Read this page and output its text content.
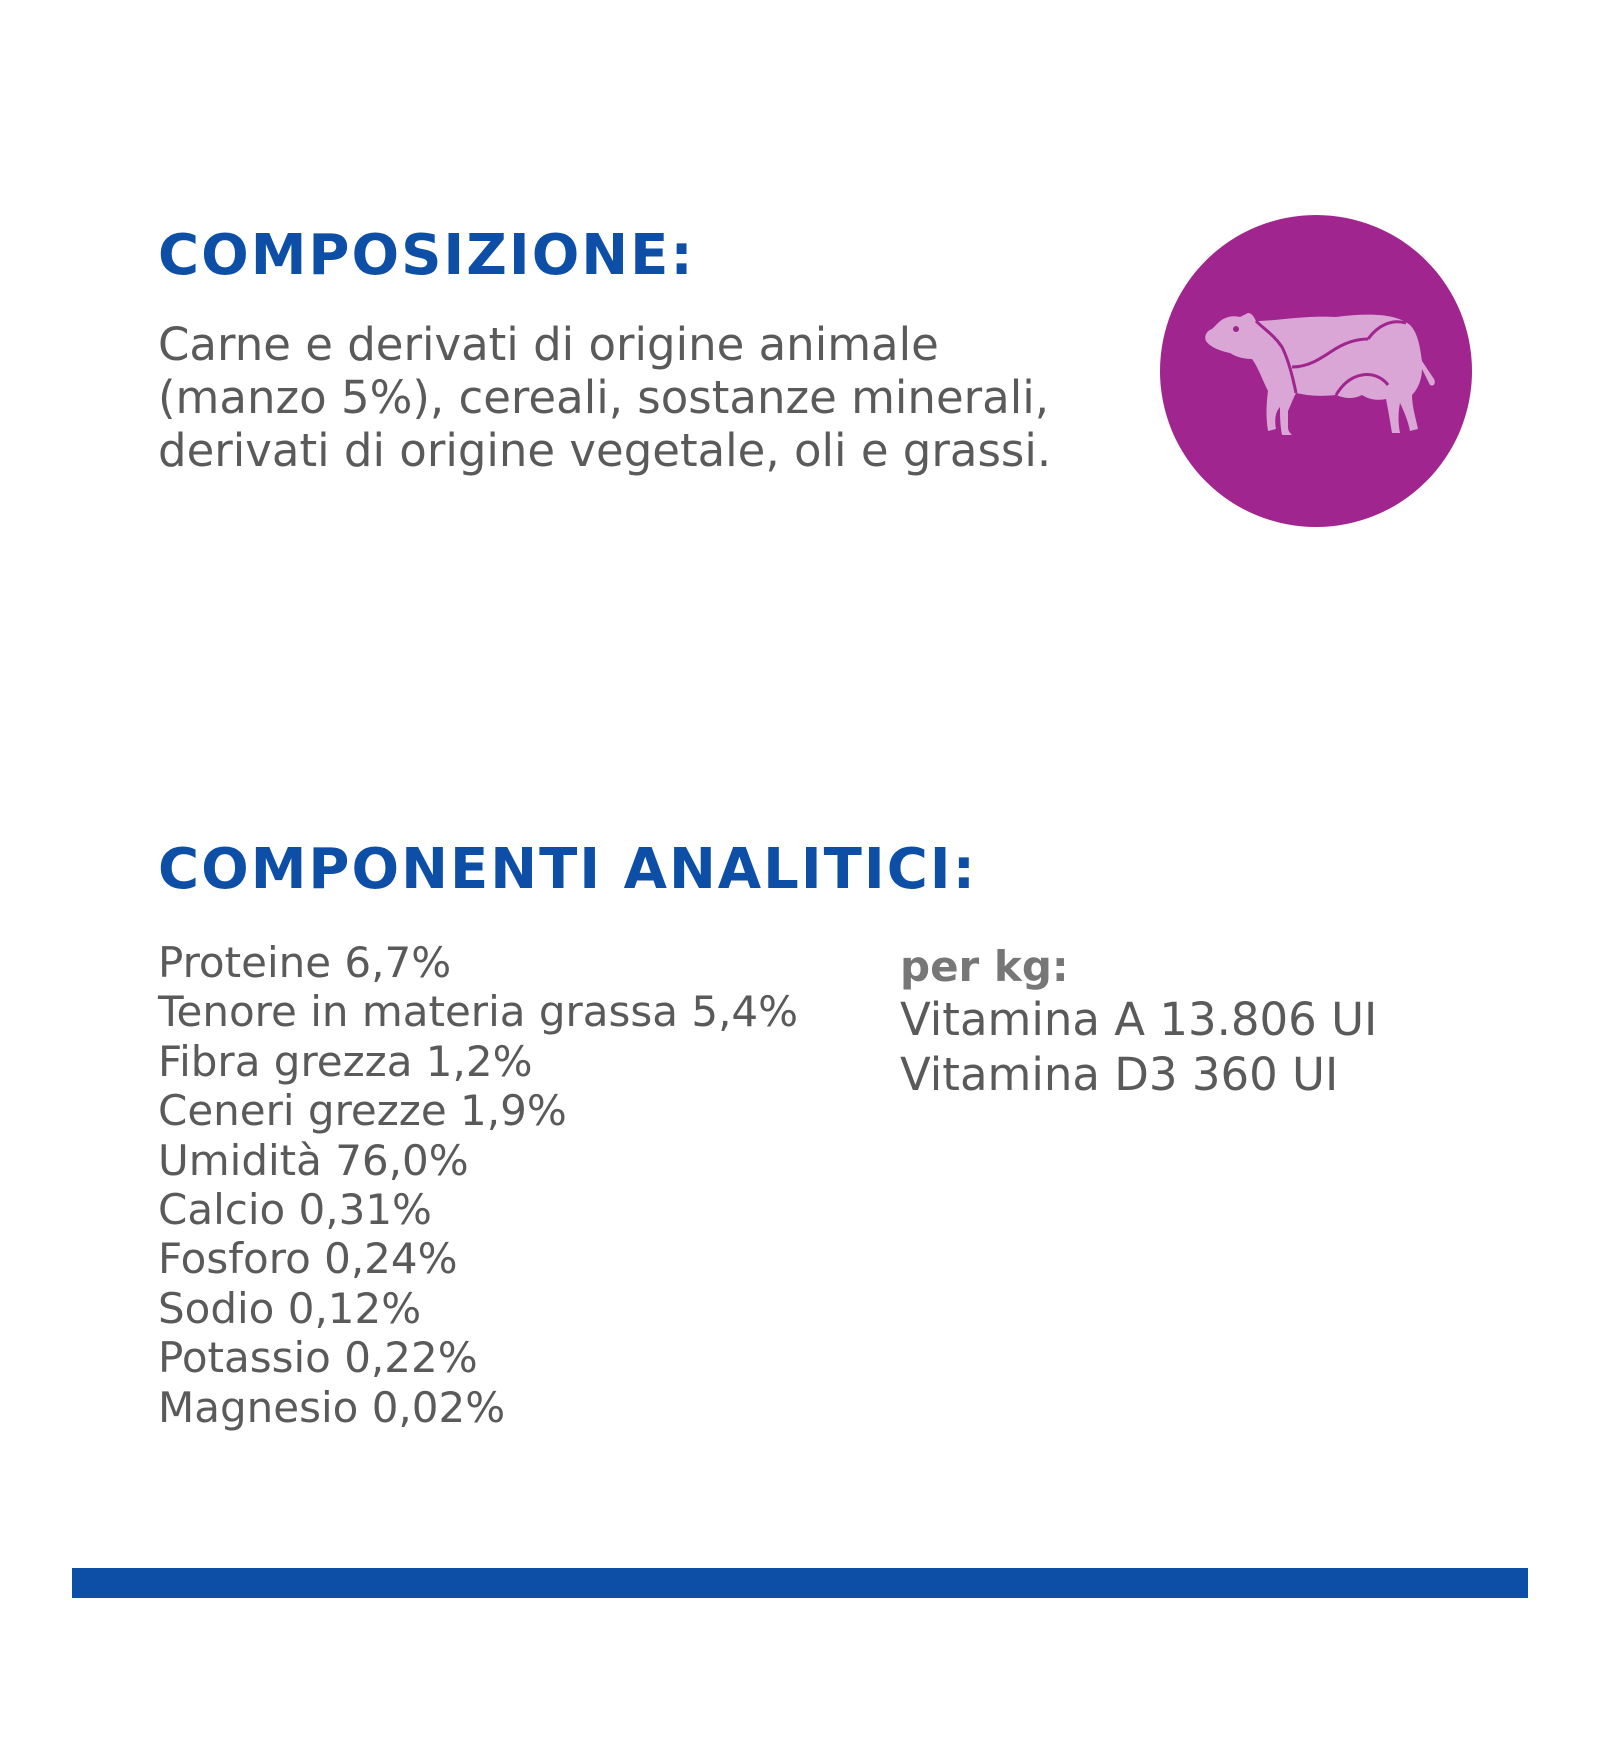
COMPOSIZIONE:

Carne e derivati di origine animale
(manzo 5%), cereali, sostanze minerali,
derivati di origine vegetale, oli e grassi.

COMPONENTI ANALITICI:
Proteine 6,7%
Tenore in materia grassa 5,4%
Fibra grezza 1,2%
Ceneri grezze 1,9%
Umidità 76,0%
Calcio 0,31%
Fosforo 0,24%
Sodio 0,12%
Potassio 0,22%
Magnesio 0,02%
per kg:
Vitamina A 13.806 UI
Vitamina D3 360 UI
